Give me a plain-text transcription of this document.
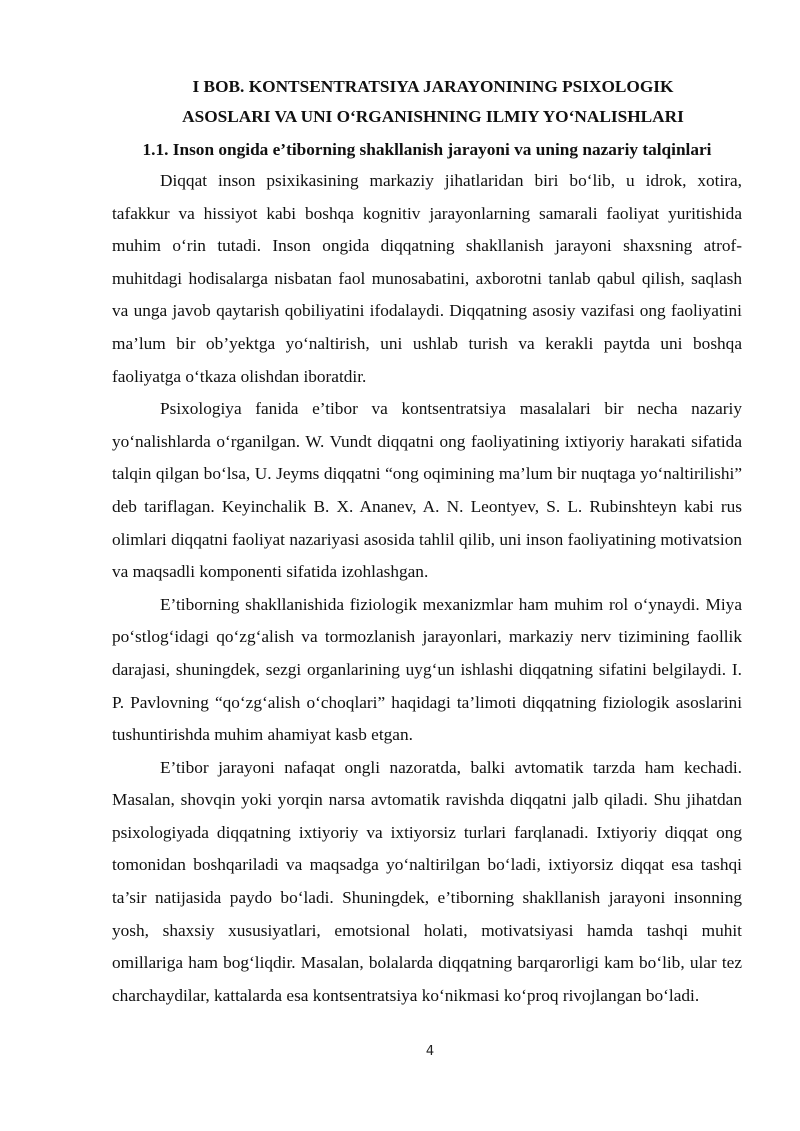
I BOB. KONTSENTRATSIYA JARAYONINING PSIXOLOGIK
ASOSLARI VA UNI O‘RGANISHNING ILMIY YO‘NALISHLARI
1.1. Inson ongida e’tiborning shakllanish jarayoni va uning nazariy talqinlari

Diqqat inson psixikasining markaziy jihatlaridan biri bo‘lib, u idrok, xotira, tafakkur va hissiyot kabi boshqa kognitiv jarayonlarning samarali faoliyat yuritishida muhim o‘rin tutadi. Inson ongida diqqatning shakllanish jarayoni shaxsning atrof-muhitdagi hodisalarga nisbatan faol munosabatini, axborotni tanlab qabul qilish, saqlash va unga javob qaytarish qobiliyatini ifodalaydi. Diqqatning asosiy vazifasi ong faoliyatini ma’lum bir ob’yektga yo‘naltirish, uni ushlab turish va kerakli paytda uni boshqa faoliyatga o‘tkaza olishdan iboratdir.

Psixologiya fanida e’tibor va kontsentratsiya masalalari bir necha nazariy yo‘nalishlarda o‘rganilgan. W. Vundt diqqatni ong faoliyatining ixtiyoriy harakati sifatida talqin qilgan bo‘lsa, U. Jeyms diqqatni “ong oqimining ma’lum bir nuqtaga yo‘naltirilishi” deb tariflagan. Keyinchalik B. X. Ananev, A. N. Leontyev, S. L. Rubinshteyn kabi rus olimlari diqqatni faoliyat nazariyasi asosida tahlil qilib, uni inson faoliyatining motivatsion va maqsadli komponenti sifatida izohlashgan.

E’tiborning shakllanishida fiziologik mexanizmlar ham muhim rol o‘ynaydi. Miya po‘stlog‘idagi qo‘zg‘alish va tormozlanish jarayonlari, markaziy nerv tizimining faollik darajasi, shuningdek, sezgi organlarining uyg‘un ishlashi diqqatning sifatini belgilaydi. I. P. Pavlovning “qo‘zg‘alish o‘choqlari” haqidagi ta’limoti diqqatning fiziologik asoslarini tushuntirishda muhim ahamiyat kasb etgan.

E’tibor jarayoni nafaqat ongli nazoratda, balki avtomatik tarzda ham kechadi. Masalan, shovqin yoki yorqin narsa avtomatik ravishda diqqatni jalb qiladi. Shu jihatdan psixologiyada diqqatning ixtiyoriy va ixtiyorsiz turlari farqlanadi. Ixtiyoriy diqqat ong tomonidan boshqariladi va maqsadga yo‘naltirilgan bo‘ladi, ixtiyorsiz diqqat esa tashqi ta’sir natijasida paydo bo‘ladi. Shuningdek, e’tiborning shakllanish jarayoni insonning yosh, shaxsiy xususiyatlari, emotsional holati, motivatsiyasi hamda tashqi muhit omillariga ham bog‘liqdir. Masalan, bolalarda diqqatning barqarorligi kam bo‘lib, ular tez charchaydilar, kattalarda esa kontsentratsiya ko‘nikmasi ko‘proq rivojlangan bo‘ladi.

4
